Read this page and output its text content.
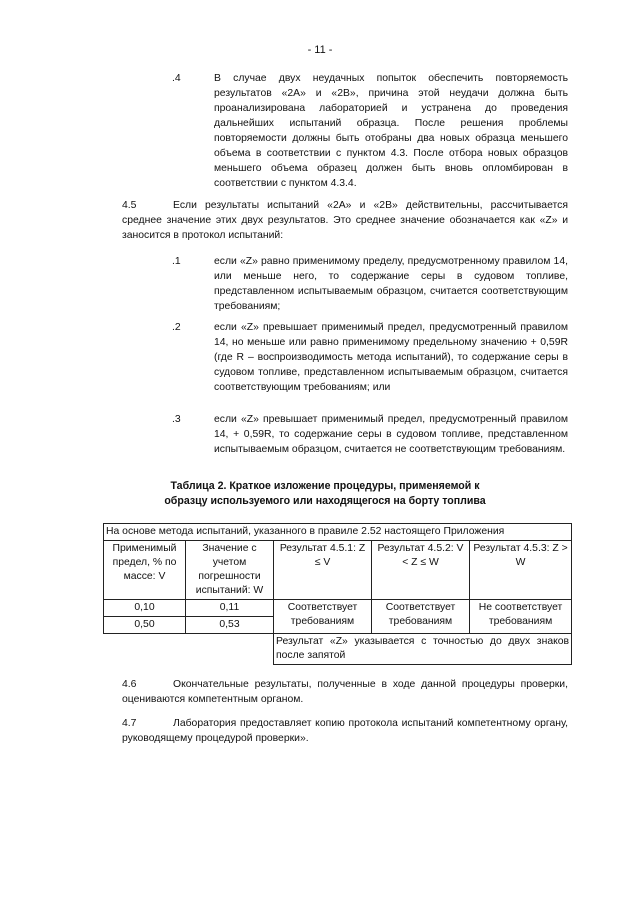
- 11 -
.4	В случае двух неудачных попыток обеспечить повторяемость результатов «2A» и «2B», причина этой неудачи должна быть проанализирована лабораторией и устранена до проведения дальнейших испытаний образца. После решения проблемы повторяемости должны быть отобраны два новых образца меньшего объема в соответствии с пунктом 4.3. После отбора новых образцов меньшего объема образец должен быть вновь опломбирован в соответствии с пунктом 4.3.4.
4.5	Если результаты испытаний «2A» и «2B» действительны, рассчитывается среднее значение этих двух результатов. Это среднее значение обозначается как «Z» и заносится в протокол испытаний:
.1	если «Z» равно применимому пределу, предусмотренному правилом 14, или меньше него, то содержание серы в судовом топливе, представленном испытываемым образцом, считается соответствующим требованиям;
.2	если «Z» превышает применимый предел, предусмотренный правилом 14, но меньше или равно применимому предельному значению + 0,59R (где R – воспроизводимость метода испытаний), то содержание серы в судовом топливе, представленном испытываемым образцом, считается соответствующим требованиям; или
.3	если «Z» превышает применимый предел, предусмотренный правилом 14, + 0,59R, то содержание серы в судовом топливе, представленном испытываемым образцом, считается не соответствующим требованиям.
Таблица 2. Краткое изложение процедуры, применяемой к
образцу используемого или находящегося на борту топлива
На основе метода испытаний, указанного в правиле 2.52 настоящего Приложения				
Применимый предел, % по массе: V	Значение с учетом погрешности испытаний: W	Результат 4.5.1: Z ≤ V	Результат 4.5.2: V < Z ≤ W	Результат 4.5.3: Z > W
0,10	0,11	Соответствует требованиям	Соответствует требованиям	Не соответствует требованиям
0,50	0,53			
		Результат «Z» указывается с точностью до двух знаков после запятой		
4.6	Окончательные результаты, полученные в ходе данной процедуры проверки, оцениваются компетентным органом.
4.7	Лаборатория предоставляет копию протокола испытаний компетентному органу, руководящему процедурой проверки».
